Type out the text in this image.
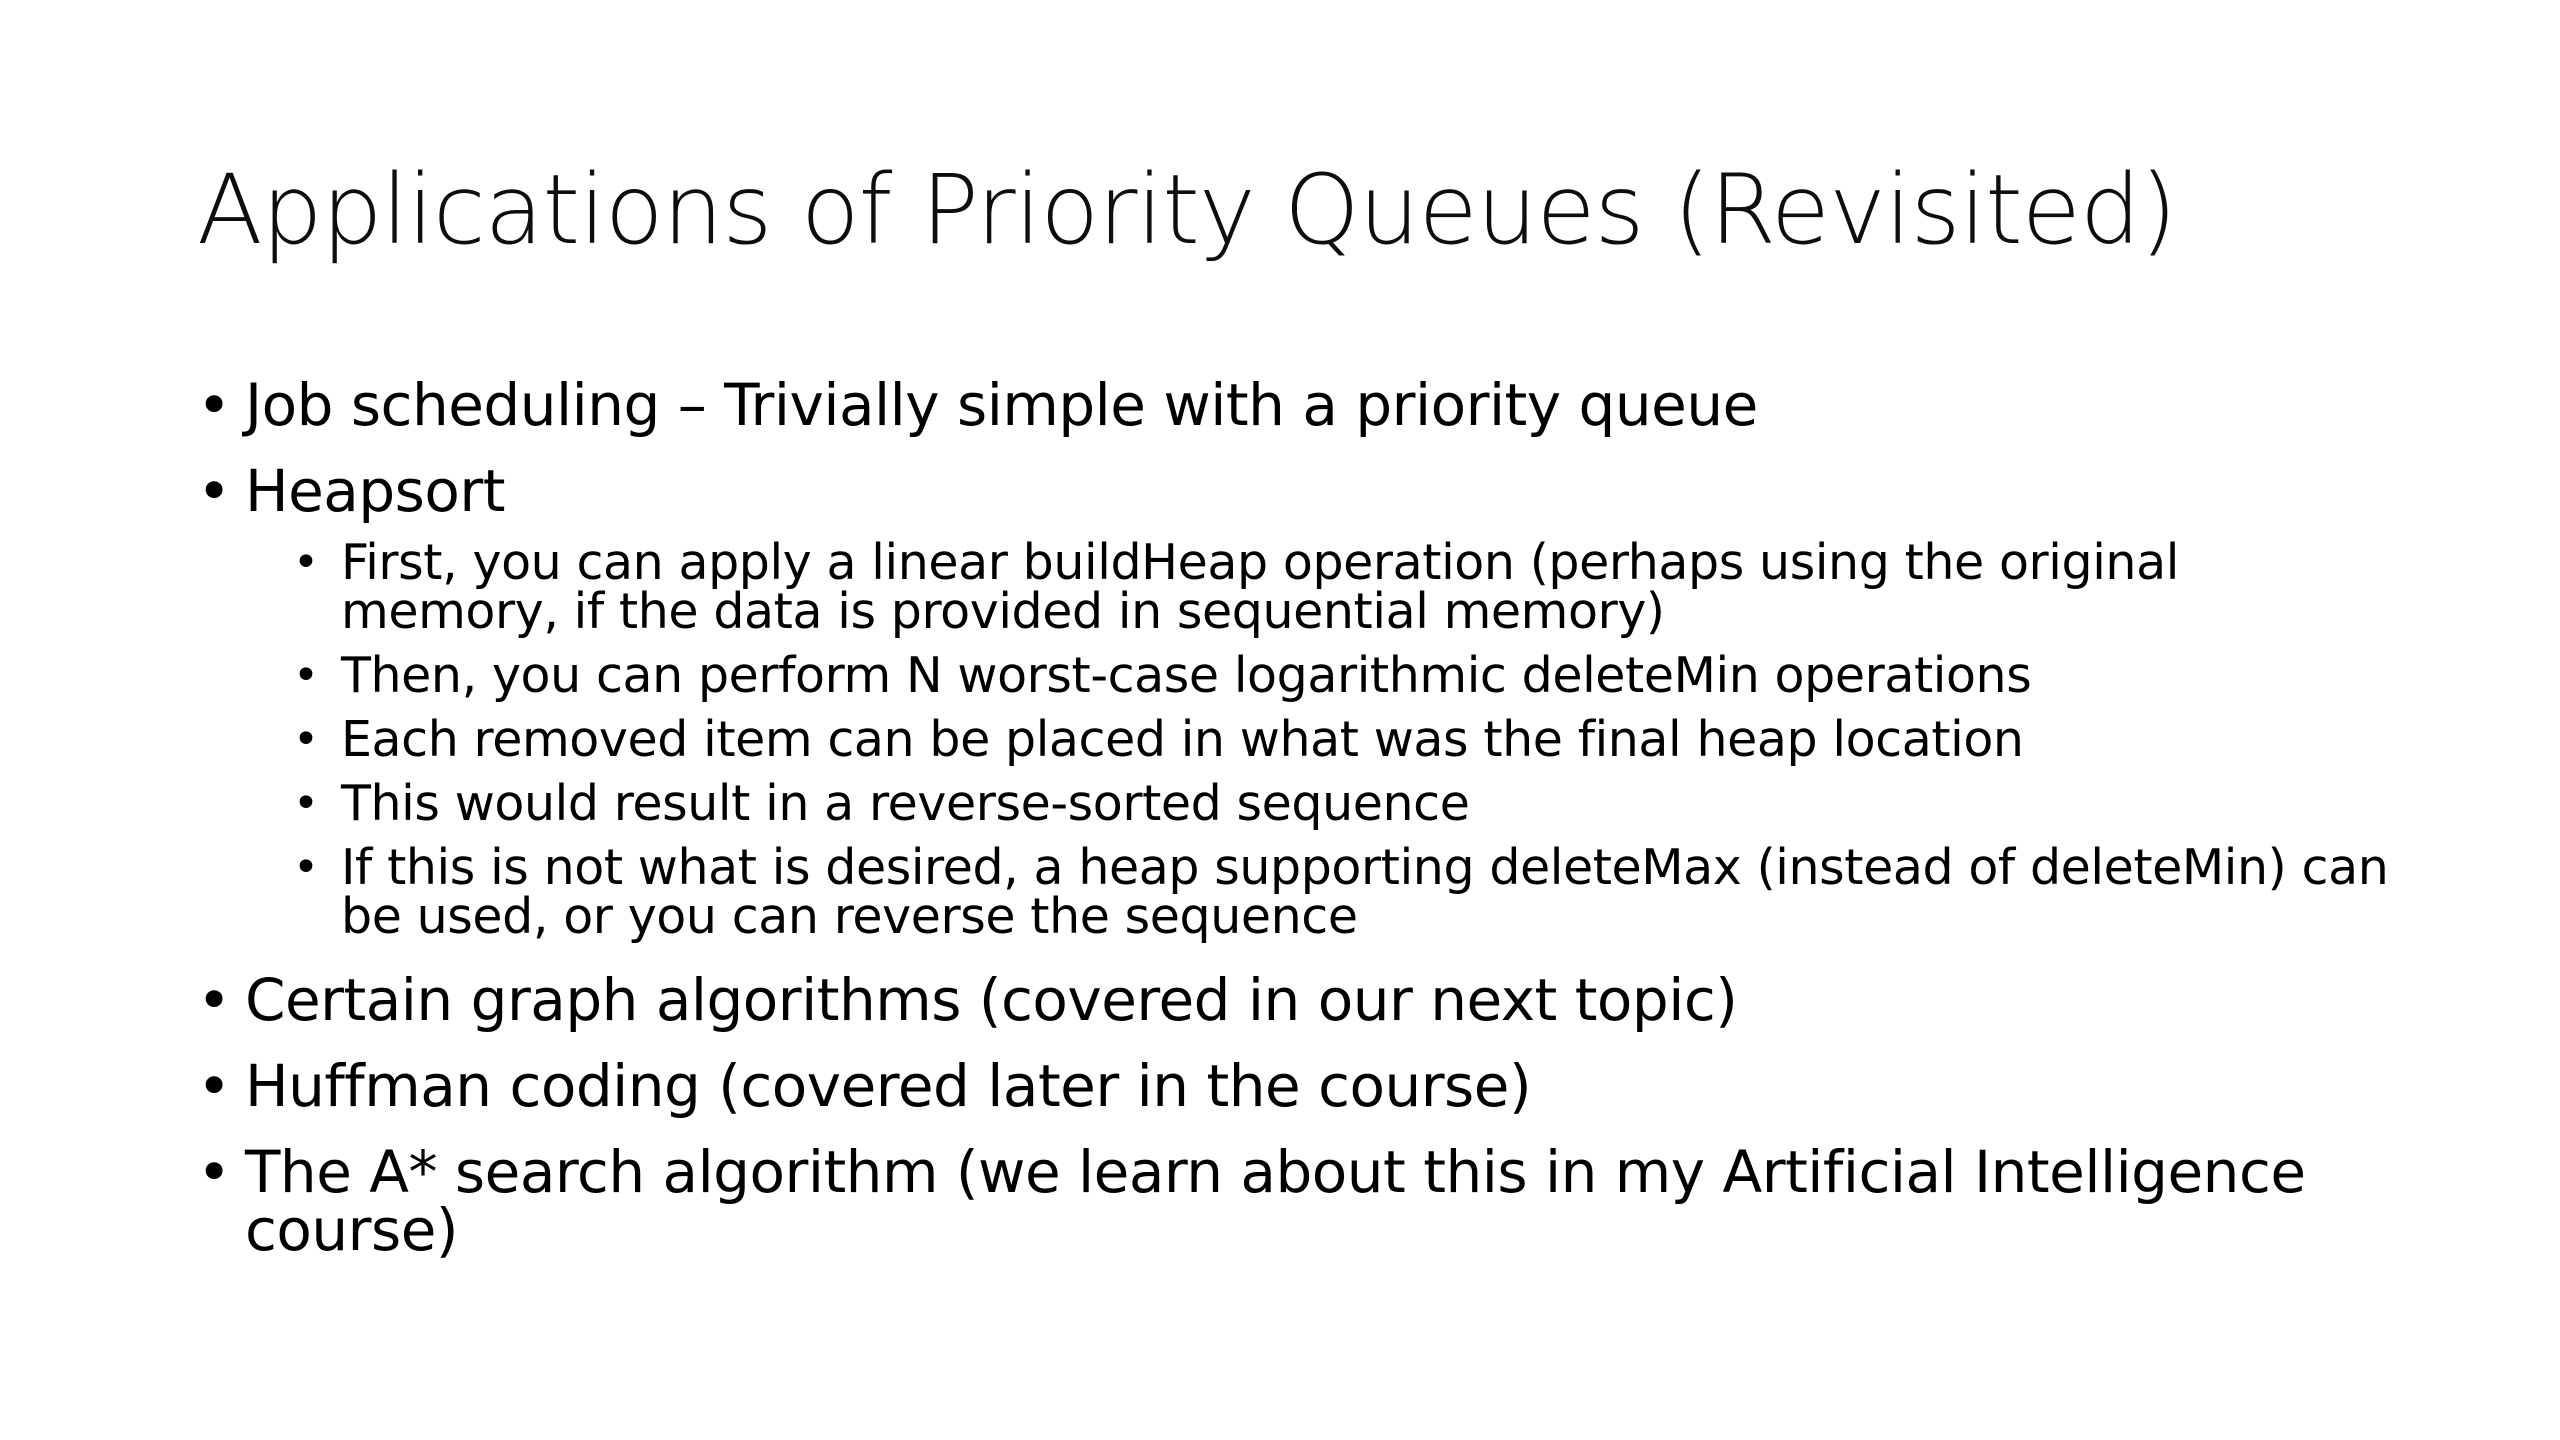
Applications of Priority Queues (Revisited)
• Job scheduling – Trivially simple with a priority queue
• Heapsort
• First, you can apply a linear buildHeap operation (perhaps using the original memory, if the data is provided in sequential memory)
• Then, you can perform N worst-case logarithmic deleteMin operations
• Each removed item can be placed in what was the final heap location
• This would result in a reverse-sorted sequence
• If this is not what is desired, a heap supporting deleteMax (instead of deleteMin) can be used, or you can reverse the sequence
• Certain graph algorithms (covered in our next topic)
• Huffman coding (covered later in the course)
• The A* search algorithm (we learn about this in my Artificial Intelligence course)
